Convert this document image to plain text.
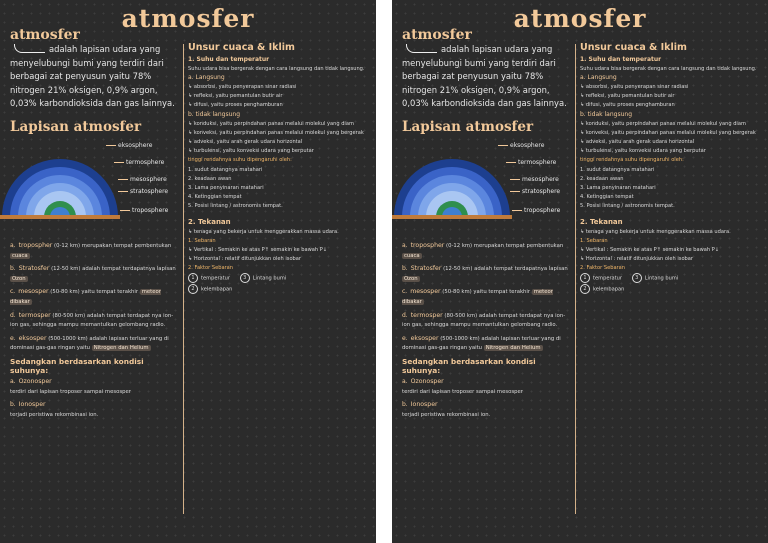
atmosfer

atmosfer

adalah lapisan udara yang menyelubungi bumi yang terdiri dari berbagai zat penyusun yaitu 78% nitrogen 21% oksigen, 0,9% argon, 0,03% karbondioksida dan gas lainnya.

Lapisan atmosfer

eksosphere
termosphere
mesosphere
stratosphere
troposphere
a. tropospher (0-12 km) merupakan tempat pembentukan cuaca
b. Stratosfer (12-50 km) adalah tempat terdapatnya lapisan Ozon
c. mesosper (50-80 km) yaitu tempat terakhir meteor dibakar
d. termosper (80-500 km) adalah tempat terdapat nya ion-ion gas, sehingga mampu memantulkan gelombang radio.
e. eksosper (500-1000 km) adalah lapisan terluar yang di dominasi gas-gas ringan yaitu Nitrogen dan Helium

Sedangkan berdasarkan kondisi suhunya:

a. Ozonosper
terdiri dari lapisan troposer sampai mesosper
b. Ionosper
terjadi peristiwa rekombinasi ion.

Unsur cuaca & Iklim

1. Suhu dan temperatur

Suhu udara bisa bergerak dengan cara langsung dan tidak langsung.

a. Langsung

↳ absorbsi, yaitu penyerapan sinar radiasi

↳ refleksi, yaitu pemantulan butir air

↳ difusi, yaitu proses penghamburan

b. tidak langsung

↳ konduksi, yaitu perpindahan panas melalui molekul yang diam

↳ konveksi, yaitu perpindahan panas melalui molekul yang bergerak

↳ adveksi, yaitu arah gerak udara horizontal

↳ turbulensi, yaitu konveksi udara yang berputar

tinggi rendahnya suhu dipengaruhi oleh:

1. sudut datangnya matahari

2. keadaan awan

3. Lama penyinaran matahari

4. Ketinggian tempat

5. Posisi lintang / astronomis tempat.

2. Tekanan

↳ tenaga yang bekerja untuk menggerakkan massa udara.

1. Sebaran

↳ Vertikal : Semakin ke atas P↑ semakin ke bawah P↓

↳ Horizontal : relatif ditunjukkan oleh isobar

2. Faktor Sebaran

1 temperatur	3 Lintang bumi

2 kelembapan

atmosfer

atmosfer

adalah lapisan udara yang menyelubungi bumi yang terdiri dari berbagai zat penyusun yaitu 78% nitrogen 21% oksigen, 0,9% argon, 0,03% karbondioksida dan gas lainnya.

Lapisan atmosfer

eksosphere
termosphere
mesosphere
stratosphere
troposphere
a. tropospher (0-12 km) merupakan tempat pembentukan cuaca
b. Stratosfer (12-50 km) adalah tempat terdapatnya lapisan Ozon
c. mesosper (50-80 km) yaitu tempat terakhir meteor dibakar
d. termosper (80-500 km) adalah tempat terdapat nya ion-ion gas, sehingga mampu memantulkan gelombang radio.
e. eksosper (500-1000 km) adalah lapisan terluar yang di dominasi gas-gas ringan yaitu Nitrogen dan Helium

Sedangkan berdasarkan kondisi suhunya:

a. Ozonosper
terdiri dari lapisan troposer sampai mesosper
b. Ionosper
terjadi peristiwa rekombinasi ion.

Unsur cuaca & Iklim

1. Suhu dan temperatur

Suhu udara bisa bergerak dengan cara langsung dan tidak langsung.

a. Langsung

↳ absorbsi, yaitu penyerapan sinar radiasi

↳ refleksi, yaitu pemantulan butir air

↳ difusi, yaitu proses penghamburan

b. tidak langsung

↳ konduksi, yaitu perpindahan panas melalui molekul yang diam

↳ konveksi, yaitu perpindahan panas melalui molekul yang bergerak

↳ adveksi, yaitu arah gerak udara horizontal

↳ turbulensi, yaitu konveksi udara yang berputar

tinggi rendahnya suhu dipengaruhi oleh:

1. sudut datangnya matahari

2. keadaan awan

3. Lama penyinaran matahari

4. Ketinggian tempat

5. Posisi lintang / astronomis tempat.

2. Tekanan

↳ tenaga yang bekerja untuk menggerakkan massa udara.

1. Sebaran

↳ Vertikal : Semakin ke atas P↑ semakin ke bawah P↓

↳ Horizontal : relatif ditunjukkan oleh isobar

2. Faktor Sebaran

1 temperatur	3 Lintang bumi

2 kelembapan
